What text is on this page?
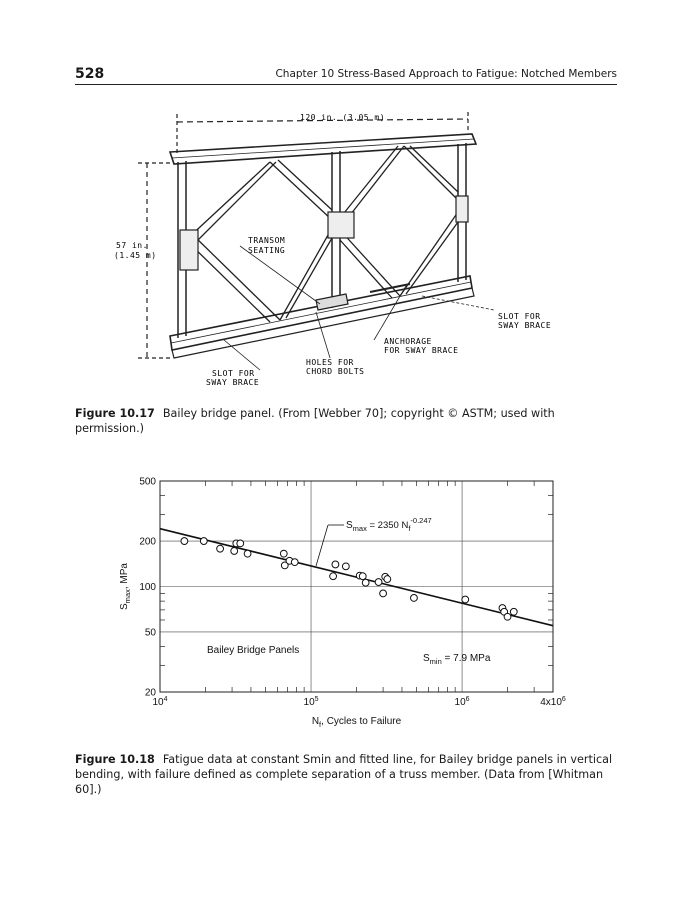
528	Chapter 10 Stress-Based Approach to Fatigue: Notched Members
120 in. (3.05 m)
57 in.
(1.45 m)
TRANSOM
SEATING
SLOT FOR
SWAY BRACE
ANCHORAGE
FOR SWAY BRACE
HOLES FOR
CHORD BOLTS
SLOT FOR
SWAY BRACE
Figure 10.17 Bailey bridge panel. (From [Webber 70]; copyright © ASTM; used with permission.)
$10^4$	$10^5$	$10^6$	$4x10^6$
20
50
100
200
500
$N_f$, Cycles to Failure
$S_{max}$, MPa
$S_{max} = 2350$ $N_f^{-0.247}$
Bailey Bridge Panels
$S_{min} = 7.9$ MPa
Figure 10.18 Fatigue data at constant Smin and fitted line, for Bailey bridge panels in vertical bending, with failure defined as complete separation of a truss member. (Data from [Whitman 60].)
